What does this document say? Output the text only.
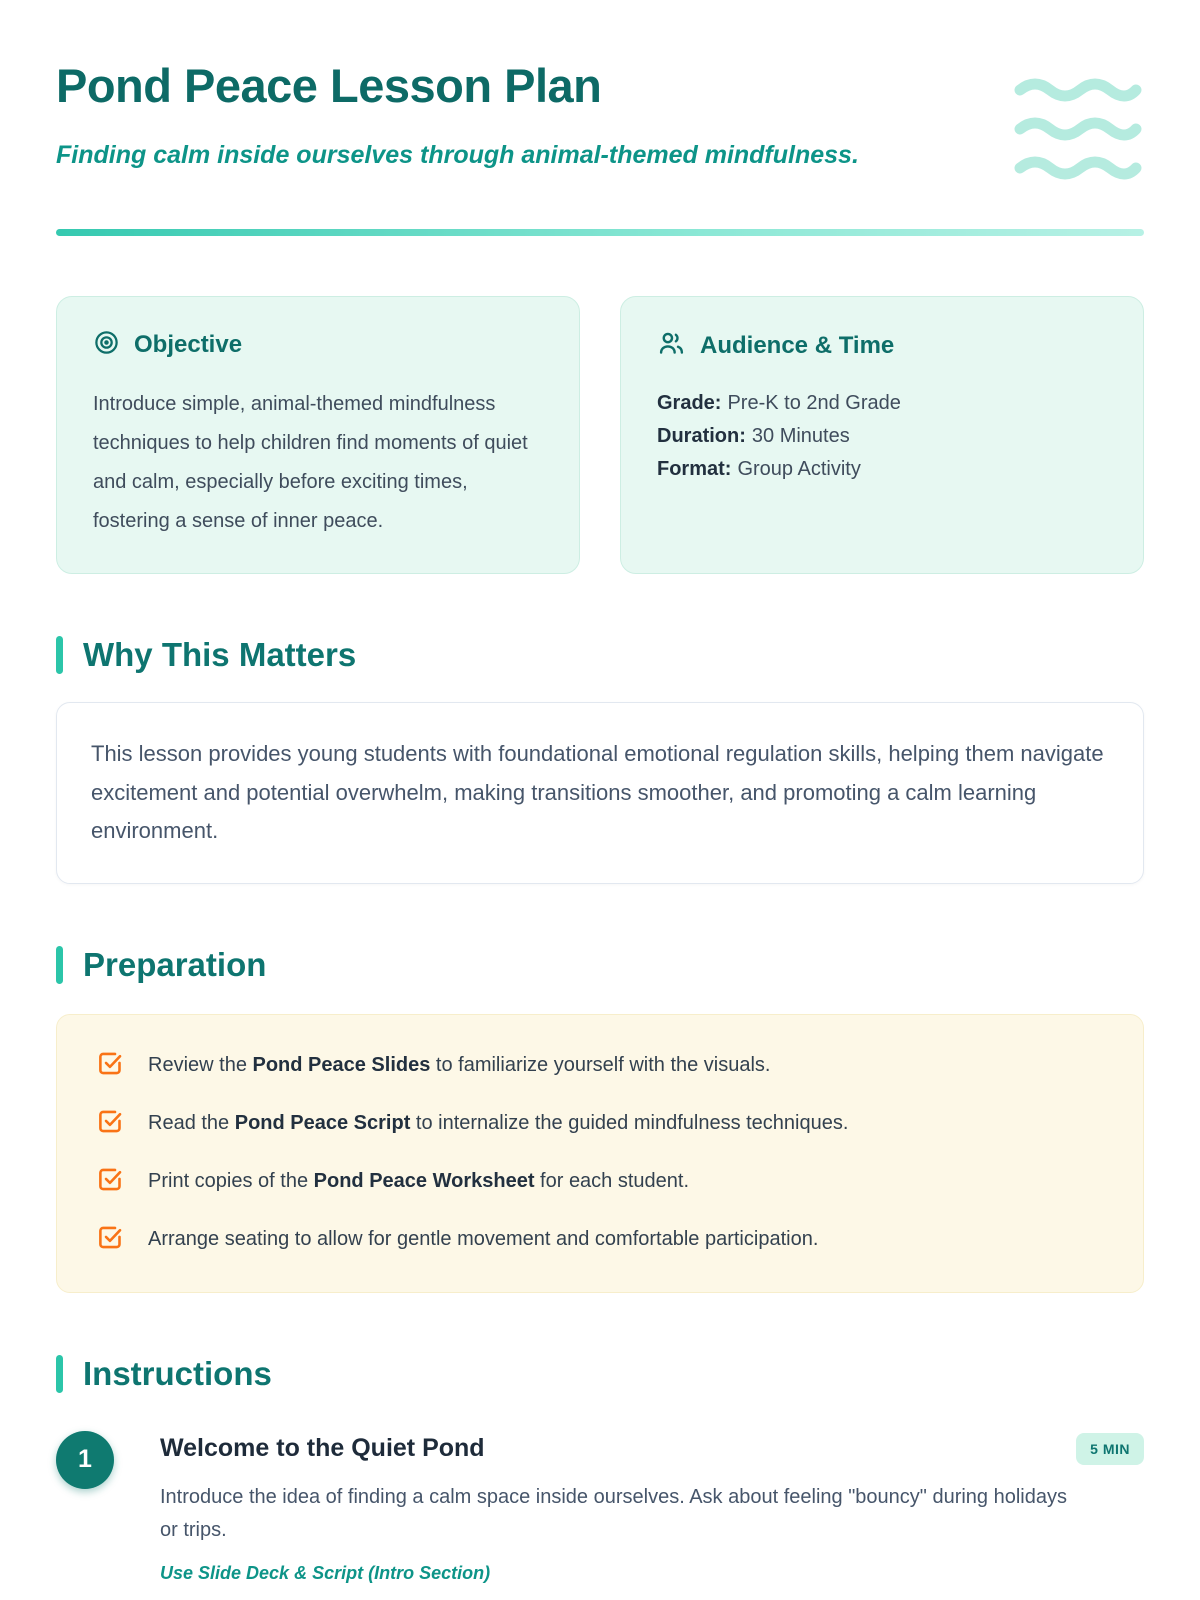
Pond Peace Lesson Plan
Finding calm inside ourselves through animal-themed mindfulness.
Objective

Introduce simple, animal-themed mindfulness techniques to help children find moments of quiet and calm, especially before exciting times, fostering a sense of inner peace.

Audience & Time

Grade: Pre-K to 2nd Grade

Duration: 30 Minutes

Format: Group Activity

Why This Matters
This lesson provides young students with foundational emotional regulation skills, helping them navigate excitement and potential overwhelm, making transitions smoother, and promoting a calm learning environment.
Preparation

Review the Pond Peace Slides to familiarize yourself with the visuals.

Read the Pond Peace Script to internalize the guided mindfulness techniques.

Print copies of the Pond Peace Worksheet for each student.

Arrange seating to allow for gentle movement and comfortable participation.

Instructions
1	Welcome to the Quiet Pond	5 MIN

Introduce the idea of finding a calm space inside ourselves. Ask about feeling "bouncy" during holidays or trips.

Use Slide Deck & Script (Intro Section)
